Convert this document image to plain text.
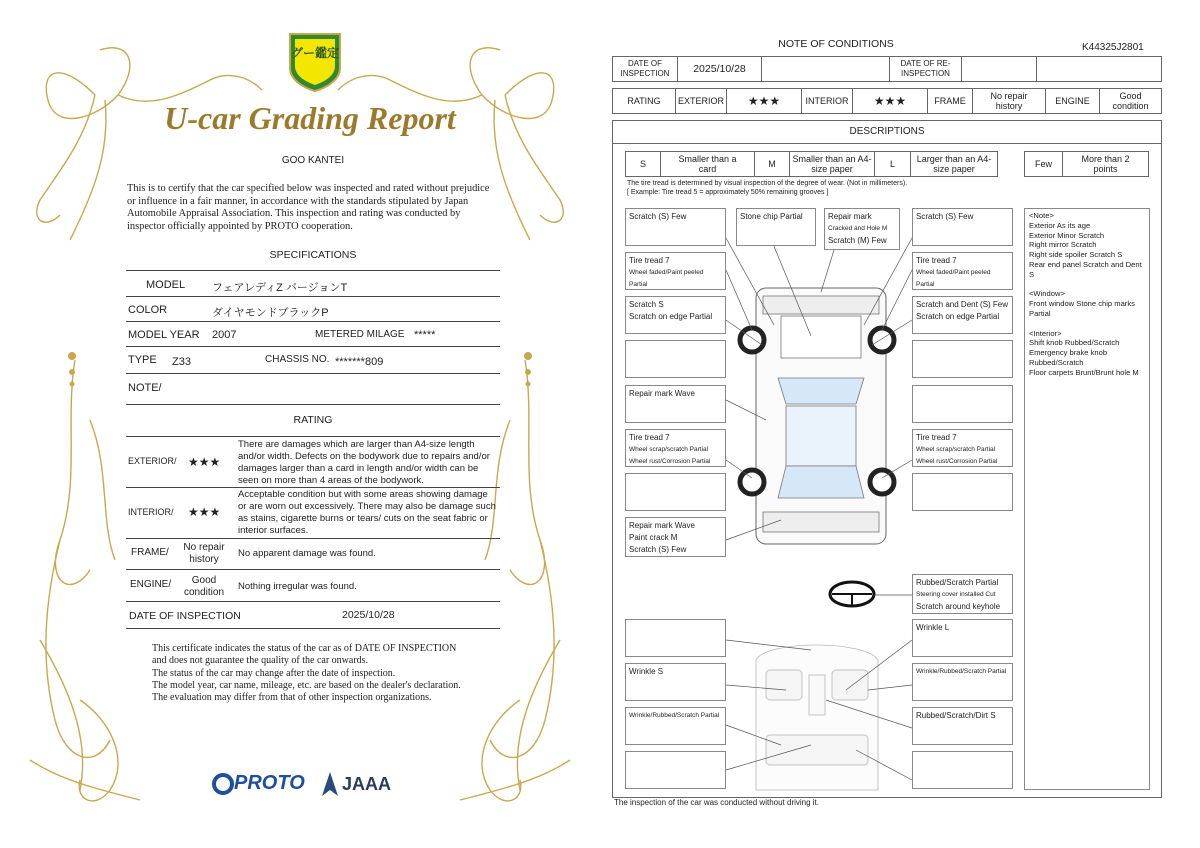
グー鑑定
U-car Grading Report
GOO KANTEI
This is to certify that the car specified below was inspected and rated without prejudice or influence in a fair manner, in accordance with the standards stipulated by Japan Automobile Appraisal Association. This inspection and rating was conducted by inspector officially appointed by PROTO cooperation.
SPECIFICATIONS
MODEL フェアレディZ バージョンT
COLOR	ダイヤモンドブラックP
MODEL YEAR 2007	METERED MILAGE *****
TYPE Z33	CHASSIS NO. *******809
NOTE/
RATING
EXTERIOR/ ★★★
There are damages which are larger than A4-size length and/or width. Defects on the bodywork due to repairs and/or damages larger than a card in length and/or width can be seen on more than 4 areas of the bodywork.
INTERIOR/ ★★★
Acceptable condition but with some areas showing damage or are worn out excessively. There may also be damage such as stains, cigarette burns or tears/ cuts on the seat fabric or interior surfaces.
FRAME/	No repair history
No apparent damage was found.
ENGINE/	Good condition
Nothing irregular was found.
DATE OF INSPECTION	2025/10/28
This certificate indicates the status of the car as of DATE OF INSPECTION and does not guarantee the quality of the car onwards.
The status of the car may change after the date of inspection.
The model year, car name, mileage, etc. are based on the dealer's declaration.
The evaluation may differ from that of other inspection organizations.
PROTO JAAA
NOTE OF CONDITIONS	K44325J2801
DATE OF INSPECTION	2025/10/28	DATE OF RE-INSPECTION
RATING	EXTERIOR	★★★	INTERIOR	★★★	FRAME	No repair history	ENGINE	Good condition
DESCRIPTIONS
S	Smaller than a card	M	Smaller than an A4-size paper	L	Larger than an A4-size paper	Few	More than 2 points
The tire tread is determined by visual inspection of the degree of wear. (Not in millimeters).
[ Example: Tire tread 5 = approximately 50% remaining grooves ]
Scratch (S) Few	Stone chip Partial	Repair mark
Cracked and Hole M
Scratch (M) Few
Scratch (S) Few
Tire tread 7
Wheel faded/Paint peeled Partial
Tire tread 7
Wheel faded/Paint peeled Partial
Scratch S
Scratch on edge Partial
Scratch and Dent (S) Few
Scratch on edge Partial
Repair mark Wave
Tire tread 7
Wheel scrap/scratch Partial
Wheel rust/Corrosion Partial
Tire tread 7
Wheel scrap/scratch Partial
Wheel rust/Corrosion Partial
Repair mark Wave
Paint crack M
Scratch (S) Few
Rubbed/Scratch Partial
Steering cover installed Cut
Scratch around keyhole
Wrinkle L
Wrinkle S	Wrinkle/Rubbed/Scratch Partial
Wrinkle/Rubbed/Scratch Partial	Rubbed/Scratch/Dirt S
<Note>
Exterior As its age
Exterior Minor Scratch
Right mirror Scratch
Right side spoiler Scratch S
Rear end panel Scratch and Dent S
<Window>
Front window Stone chip marks Partial
<Interior>
Shift knob Rubbed/Scratch
Emergency brake knob Rubbed/Scratch
Floor carpets Brunt/Brunt hole M
The inspection of the car was conducted without driving it.
